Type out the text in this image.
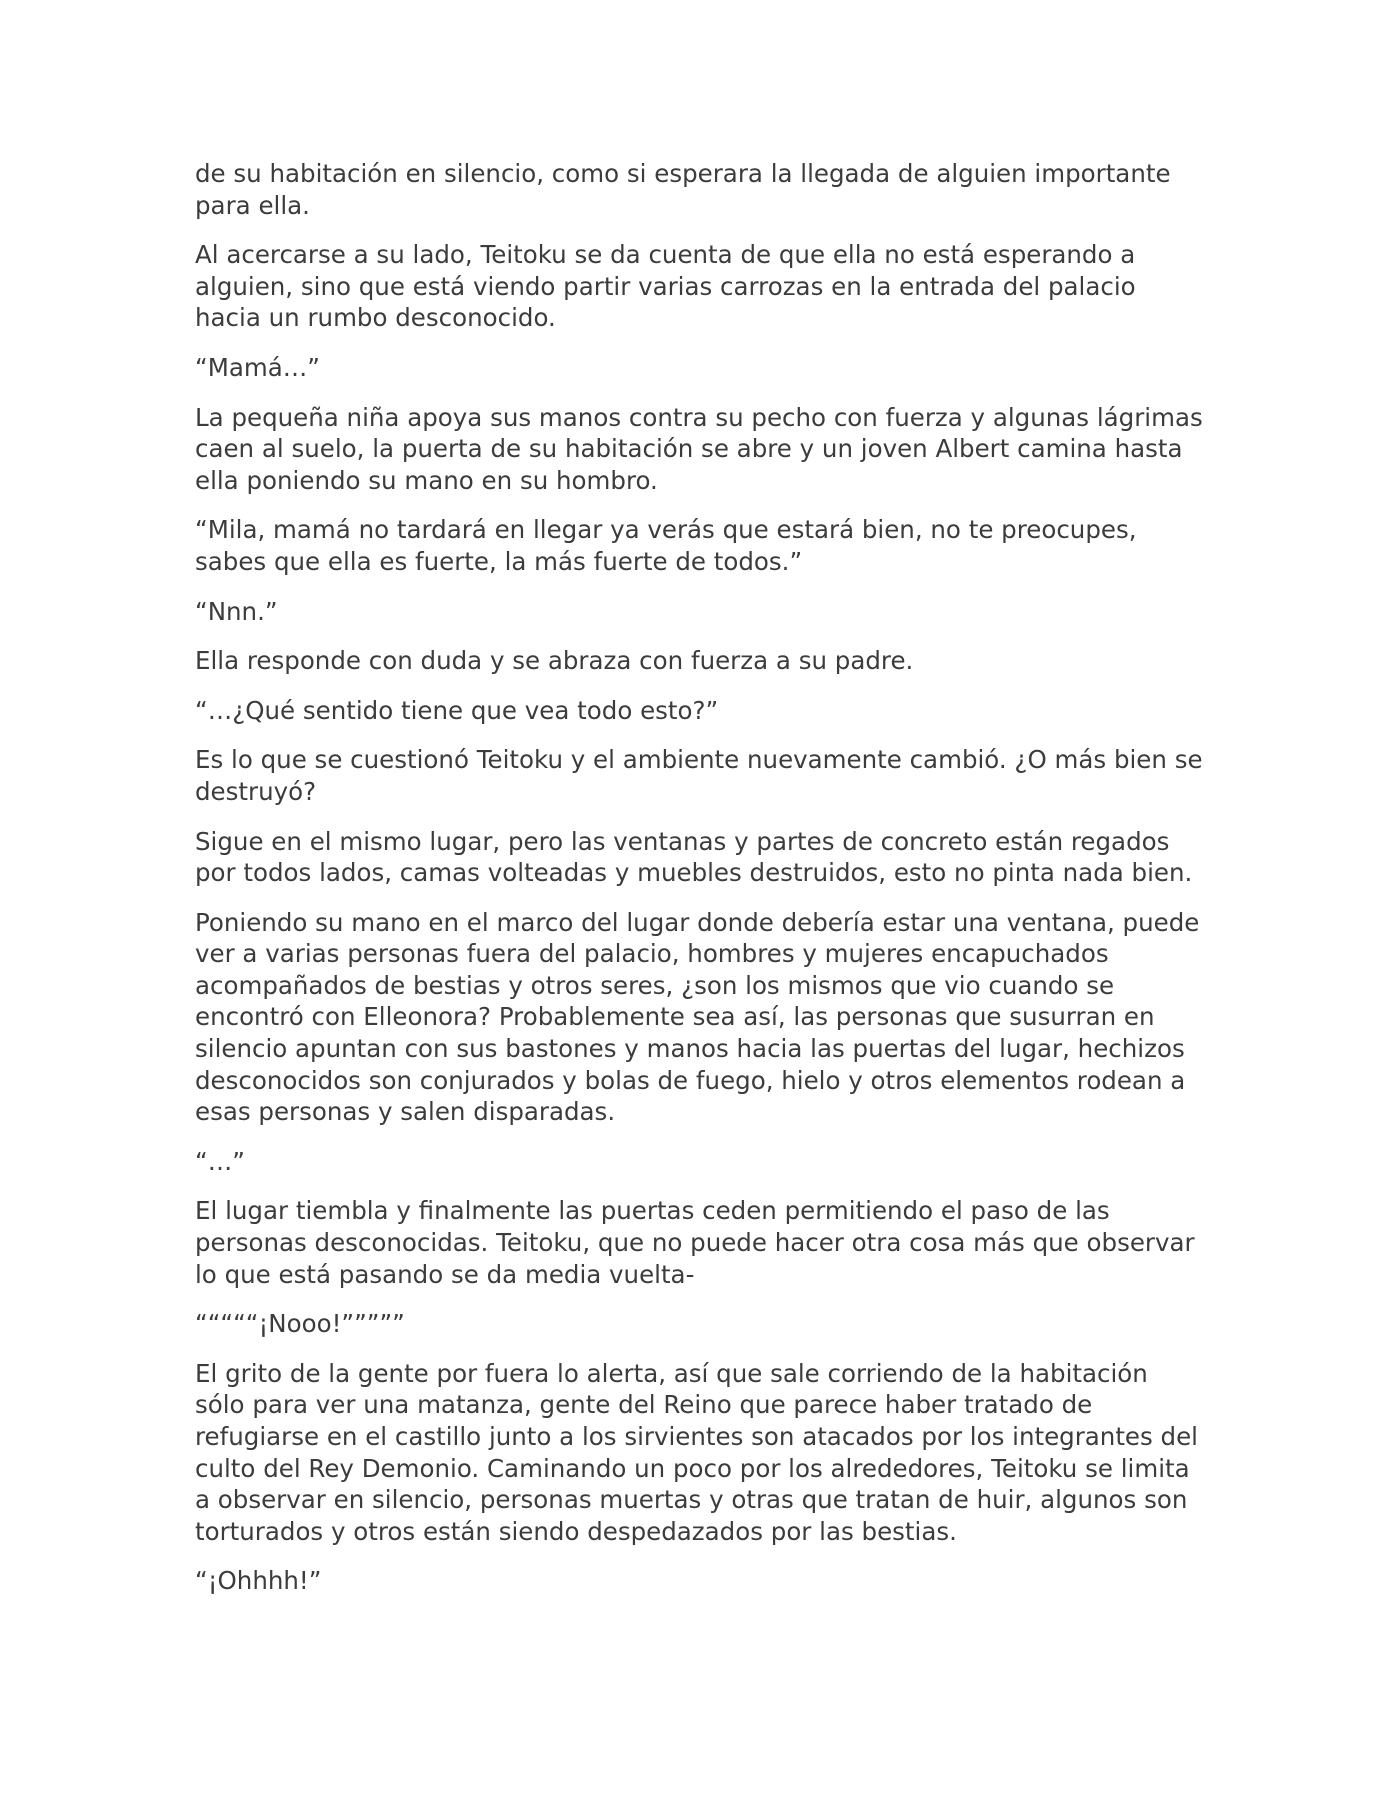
de su habitación en silencio, como si esperara la llegada de alguien importante para ella.

Al acercarse a su lado, Teitoku se da cuenta de que ella no está esperando a alguien, sino que está viendo partir varias carrozas en la entrada del palacio hacia un rumbo desconocido.

“Mamá…”

La pequeña niña apoya sus manos contra su pecho con fuerza y algunas lágrimas caen al suelo, la puerta de su habitación se abre y un joven Albert camina hasta ella poniendo su mano en su hombro.

“Mila, mamá no tardará en llegar ya verás que estará bien, no te preocupes, sabes que ella es fuerte, la más fuerte de todos.”

“Nnn.”

Ella responde con duda y se abraza con fuerza a su padre.

“…¿Qué sentido tiene que vea todo esto?”

Es lo que se cuestionó Teitoku y el ambiente nuevamente cambió. ¿O más bien se destruyó?

Sigue en el mismo lugar, pero las ventanas y partes de concreto están regados por todos lados, camas volteadas y muebles destruidos, esto no pinta nada bien.

Poniendo su mano en el marco del lugar donde debería estar una ventana, puede ver a varias personas fuera del palacio, hombres y mujeres encapuchados acompañados de bestias y otros seres, ¿son los mismos que vio cuando se encontró con Elleonora? Probablemente sea así, las personas que susurran en silencio apuntan con sus bastones y manos hacia las puertas del lugar, hechizos desconocidos son conjurados y bolas de fuego, hielo y otros elementos rodean a esas personas y salen disparadas.

“…”

El lugar tiembla y finalmente las puertas ceden permitiendo el paso de las personas desconocidas. Teitoku, que no puede hacer otra cosa más que observar lo que está pasando se da media vuelta-

“““““¡Nooo!”””””

El grito de la gente por fuera lo alerta, así que sale corriendo de la habitación sólo para ver una matanza, gente del Reino que parece haber tratado de refugiarse en el castillo junto a los sirvientes son atacados por los integrantes del culto del Rey Demonio. Caminando un poco por los alrededores, Teitoku se limita a observar en silencio, personas muertas y otras que tratan de huir, algunos son torturados y otros están siendo despedazados por las bestias.

“¡Ohhhh!”
